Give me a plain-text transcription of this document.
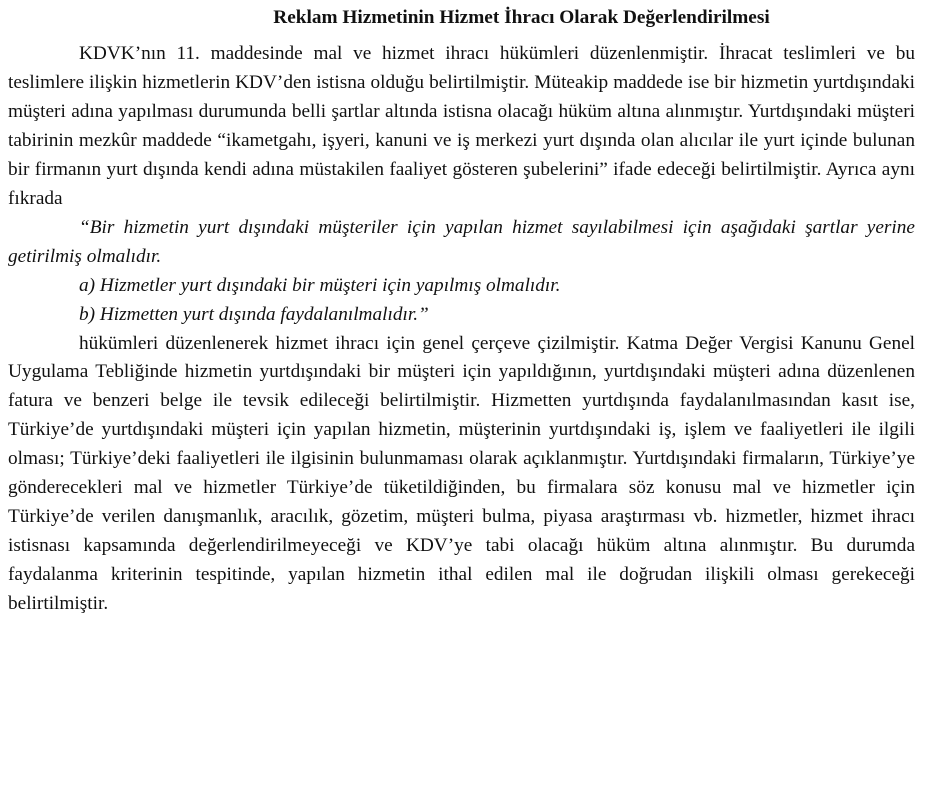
Reklam Hizmetinin Hizmet İhracı Olarak Değerlendirilmesi

KDVK’nın 11. maddesinde mal ve hizmet ihracı hükümleri düzenlenmiştir. İhracat teslimleri ve bu teslimlere ilişkin hizmetlerin KDV’den istisna olduğu belirtilmiştir. Müteakip maddede ise bir hizmetin yurtdışındaki müşteri adına yapılması durumunda belli şartlar altında istisna olacağı hüküm altına alınmıştır. Yurtdışındaki müşteri tabirinin mezkûr maddede “ikametgahı, işyeri, kanuni ve iş merkezi yurt dışında olan alıcılar ile yurt içinde bulunan bir firmanın yurt dışında kendi adına müstakilen faaliyet gösteren şubelerini” ifade edeceği belirtilmiştir. Ayrıca aynı fıkrada

“Bir hizmetin yurt dışındaki müşteriler için yapılan hizmet sayılabilmesi için aşağıdaki şartlar yerine getirilmiş olmalıdır.

a) Hizmetler yurt dışındaki bir müşteri için yapılmış olmalıdır.

b) Hizmetten yurt dışında faydalanılmalıdır.”

hükümleri düzenlenerek hizmet ihracı için genel çerçeve çizilmiştir. Katma Değer Vergisi Kanunu Genel Uygulama Tebliğinde hizmetin yurtdışındaki bir müşteri için yapıldığının, yurtdışındaki müşteri adına düzenlenen fatura ve benzeri belge ile tevsik edileceği belirtilmiştir. Hizmetten yurtdışında faydalanılmasından kasıt ise, Türkiye’de yurtdışındaki müşteri için yapılan hizmetin, müşterinin yurtdışındaki iş, işlem ve faaliyetleri ile ilgili olması; Türkiye’deki faaliyetleri ile ilgisinin bulunmaması olarak açıklanmıştır. Yurtdışındaki firmaların, Türkiye’ye gönderecekleri mal ve hizmetler Türkiye’de tüketildiğinden, bu firmalara söz konusu mal ve hizmetler için Türkiye’de verilen danışmanlık, aracılık, gözetim, müşteri bulma, piyasa araştırması vb. hizmetler, hizmet ihracı istisnası kapsamında değerlendirilmeyeceği ve KDV’ye tabi olacağı hüküm altına alınmıştır. Bu durumda faydalanma kriterinin tespitinde, yapılan hizmetin ithal edilen mal ile doğrudan ilişkili olması gerekeceği belirtilmiştir.
